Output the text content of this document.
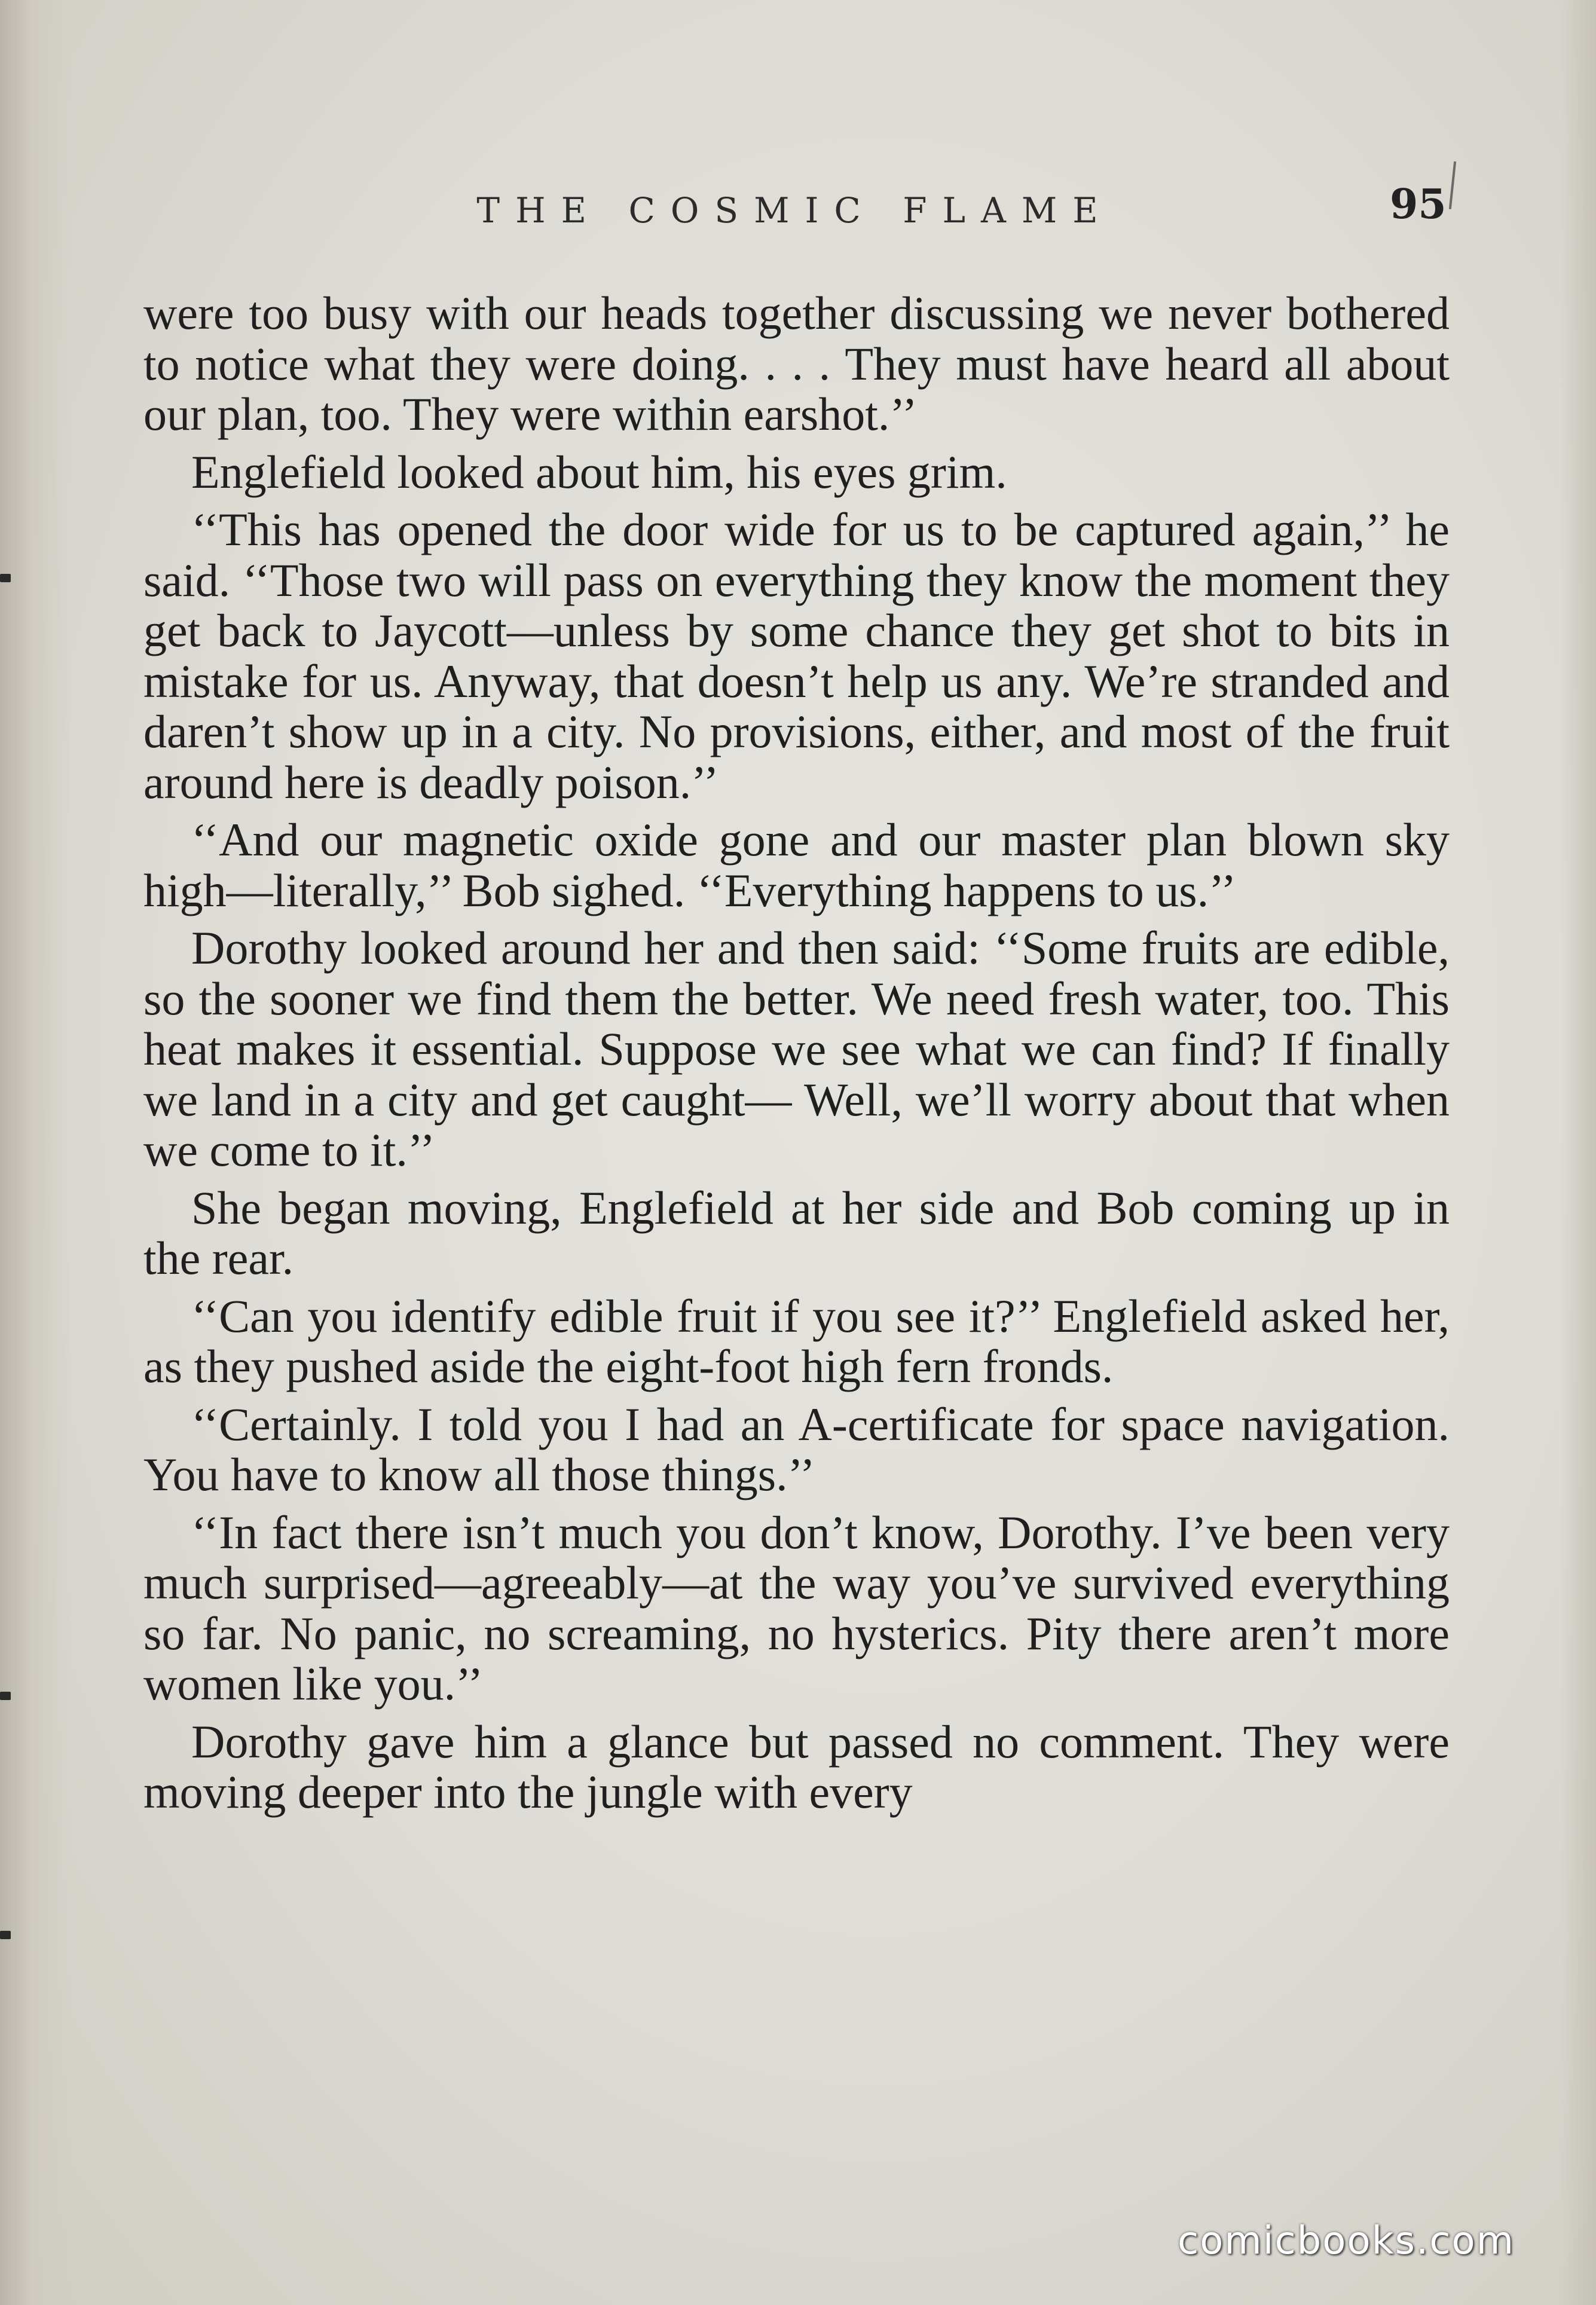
THE COSMIC FLAME	95

were too busy with our heads together discussing we never bothered to notice what they were doing. . . . They must have heard all about our plan, too. They were within earshot.’’

Englefield looked about him, his eyes grim.

‘‘This has opened the door wide for us to be captured again,’’ he said. ‘‘Those two will pass on everything they know the moment they get back to Jaycott—unless by some chance they get shot to bits in mistake for us. Anyway, that doesn’t help us any. We’re stranded and daren’t show up in a city. No provisions, either, and most of the fruit around here is deadly poison.’’

‘‘And our magnetic oxide gone and our master plan blown sky high—literally,’’ Bob sighed. ‘‘Everything happens to us.’’

Dorothy looked around her and then said: ‘‘Some fruits are edible, so the sooner we find them the better. We need fresh water, too. This heat makes it essential. Suppose we see what we can find? If finally we land in a city and get caught— Well, we’ll worry about that when we come to it.’’

She began moving, Englefield at her side and Bob coming up in the rear.

‘‘Can you identify edible fruit if you see it?’’ Englefield asked her, as they pushed aside the eight-foot high fern fronds.

‘‘Certainly. I told you I had an A-certificate for space navigation. You have to know all those things.’’

‘‘In fact there isn’t much you don’t know, Dorothy. I’ve been very much surprised—agreeably—at the way you’ve survived everything so far. No panic, no screaming, no hysterics. Pity there aren’t more women like you.’’

Dorothy gave him a glance but passed no comment. They were moving deeper into the jungle with every

comicbooks.com
